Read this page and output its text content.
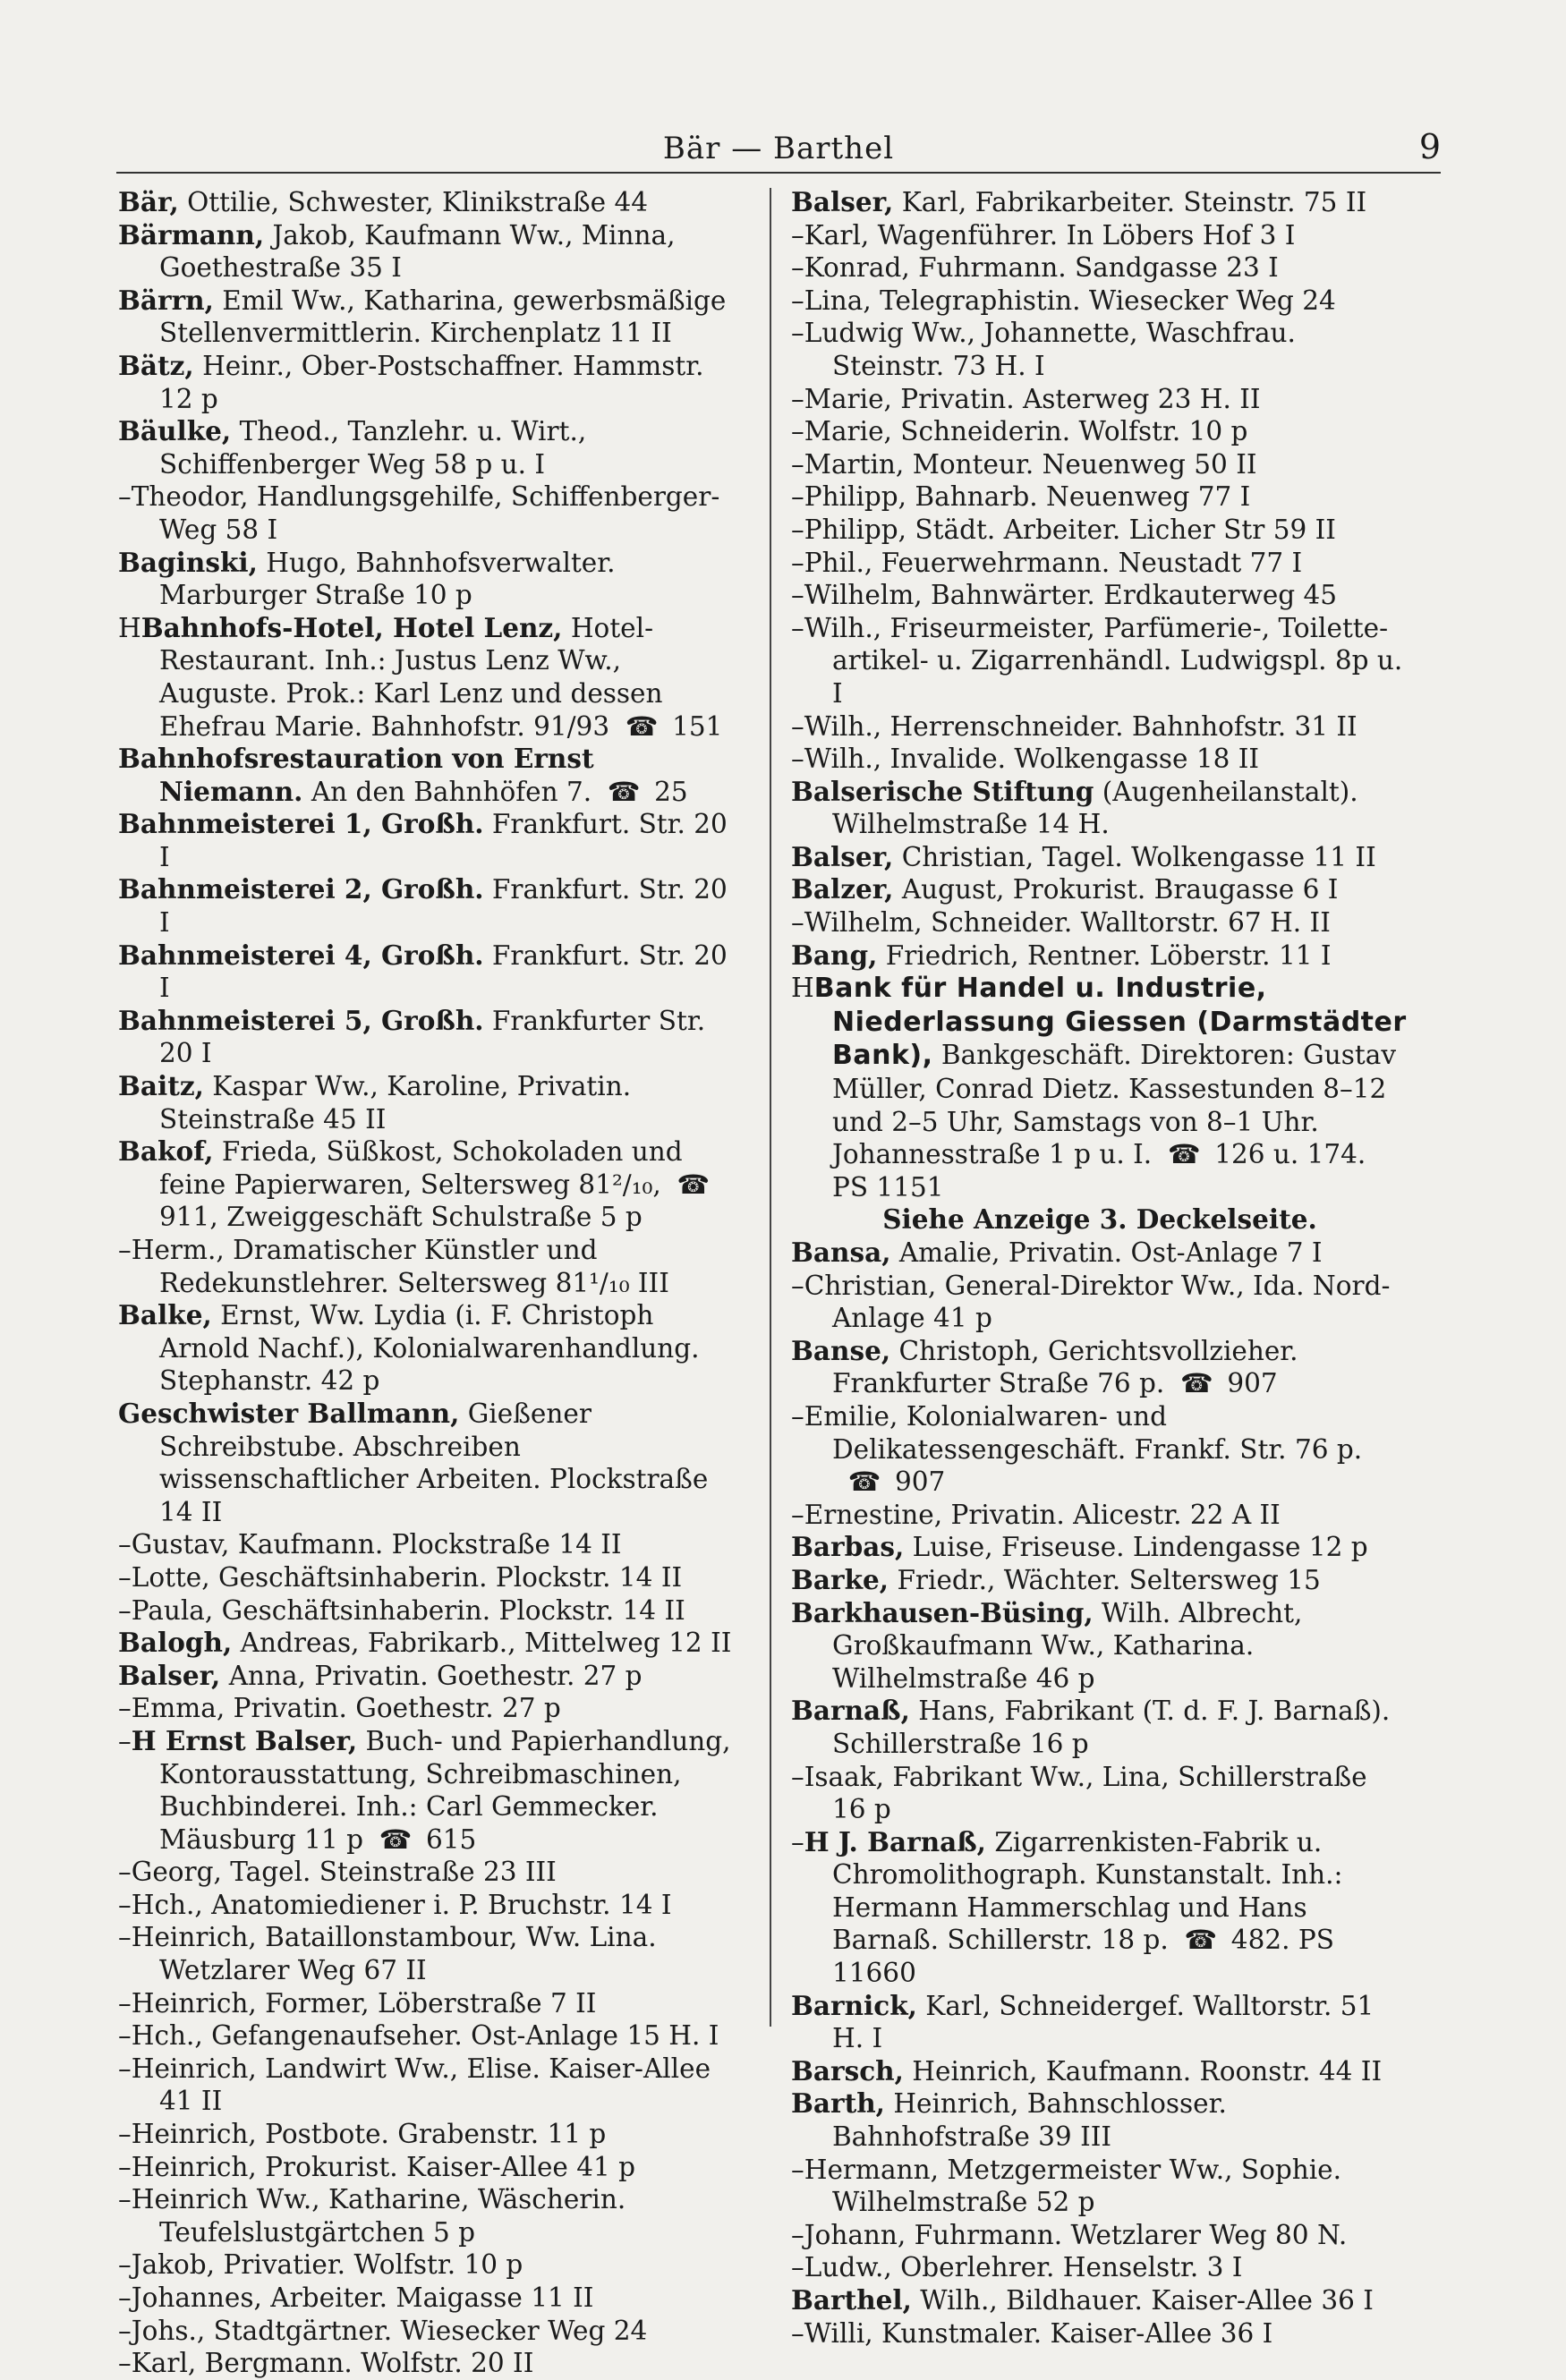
Bär — Barthel	9

Bär, Ottilie, Schwester, Klinikstraße 44

Bärmann, Jakob, Kaufmann Ww., Minna, Goethestraße 35 I

Bärrn, Emil Ww., Katharina, gewerbsmäßige Stellenvermittlerin. Kirchenplatz 11 II

Bätz, Heinr., Ober-Postschaffner. Hammstr. 12 p

Bäulke, Theod., Tanzlehr. u. Wirt., Schiffenberger Weg 58 p u. I

–Theodor, Handlungsgehilfe, Schiffenberger-Weg 58 I

Baginski, Hugo, Bahnhofsverwalter. Marburger Straße 10 p

HBahnhofs-Hotel, Hotel Lenz, Hotel-Restaurant. Inh.: Justus Lenz Ww., Auguste. Prok.: Karl Lenz und dessen Ehefrau Marie. Bahnhofstr. 91/93 ☎ 151

Bahnhofsrestauration von Ernst Niemann. An den Bahnhöfen 7. ☎ 25

Bahnmeisterei 1, Großh. Frankfurt. Str. 20 I

Bahnmeisterei 2, Großh. Frankfurt. Str. 20 I

Bahnmeisterei 4, Großh. Frankfurt. Str. 20 I

Bahnmeisterei 5, Großh. Frankfurter Str. 20 I

Baitz, Kaspar Ww., Karoline, Privatin. Steinstraße 45 II

Bakof, Frieda, Süßkost, Schokoladen und feine Papierwaren, Seltersweg 81²/₁₀, ☎911, Zweiggeschäft Schulstraße 5 p

–Herm., Dramatischer Künstler und Redekunstlehrer. Seltersweg 81¹/₁₀ III

Balke, Ernst, Ww. Lydia (i. F. Christoph Arnold Nachf.), Kolonialwarenhandlung. Stephanstr. 42 p

Geschwister Ballmann, Gießener Schreibstube. Abschreiben wissenschaftlicher Arbeiten. Plockstraße 14 II

–Gustav, Kaufmann. Plockstraße 14 II

–Lotte, Geschäftsinhaberin. Plockstr. 14 II

–Paula, Geschäftsinhaberin. Plockstr. 14 II

Balogh, Andreas, Fabrikarb., Mittelweg 12 II

Balser, Anna, Privatin. Goethestr. 27 p

–Emma, Privatin. Goethestr. 27 p

–H Ernst Balser, Buch- und Papierhandlung, Kontorausstattung, Schreibmaschinen, Buchbinderei. Inh.: Carl Gemmecker. Mäusburg 11 p ☎ 615

–Georg, Tagel. Steinstraße 23 III

–Hch., Anatomiediener i. P. Bruchstr. 14 I

–Heinrich, Bataillonstambour, Ww. Lina. Wetzlarer Weg 67 II

–Heinrich, Former, Löberstraße 7 II

–Hch., Gefangenaufseher. Ost-Anlage 15 H. I

–Heinrich, Landwirt Ww., Elise. Kaiser-Allee 41 II

–Heinrich, Postbote. Grabenstr. 11 p

–Heinrich, Prokurist. Kaiser-Allee 41 p

–Heinrich Ww., Katharine, Wäscherin. Teufelslustgärtchen 5 p

–Jakob, Privatier. Wolfstr. 10 p

–Johannes, Arbeiter. Maigasse 11 II

–Johs., Stadtgärtner. Wiesecker Weg 24

–Karl, Bergmann. Wolfstr. 20 II

Balser, Karl, Fabrikarbeiter. Steinstr. 75 II

–Karl, Wagenführer. In Löbers Hof 3 I

–Konrad, Fuhrmann. Sandgasse 23 I

–Lina, Telegraphistin. Wiesecker Weg 24

–Ludwig Ww., Johannette, Waschfrau. Steinstr. 73 H. I

–Marie, Privatin. Asterweg 23 H. II

–Marie, Schneiderin. Wolfstr. 10 p

–Martin, Monteur. Neuenweg 50 II

–Philipp, Bahnarb. Neuenweg 77 I

–Philipp, Städt. Arbeiter. Licher Str 59 II

–Phil., Feuerwehrmann. Neustadt 77 I

–Wilhelm, Bahnwärter. Erdkauterweg 45

–Wilh., Friseurmeister, Parfümerie-, Toilette-artikel- u. Zigarrenhändl. Ludwigspl. 8p u. I

–Wilh., Herrenschneider. Bahnhofstr. 31 II

–Wilh., Invalide. Wolkengasse 18 II

Balserische Stiftung (Augenheilanstalt). Wilhelmstraße 14 H.

Balser, Christian, Tagel. Wolkengasse 11 II

Balzer, August, Prokurist. Braugasse 6 I

–Wilhelm, Schneider. Walltorstr. 67 H. II

Bang, Friedrich, Rentner. Löberstr. 11 I

HBank für Handel u. Industrie, Niederlassung Giessen (Darmstädter Bank), Bankgeschäft. Direktoren: Gustav Müller, Conrad Dietz. Kassestunden 8–12 und 2–5 Uhr, Samstags von 8–1 Uhr. Johannesstraße 1 p u. I. ☎ 126 u. 174. PS 1151

Siehe Anzeige 3. Deckelseite.

Bansa, Amalie, Privatin. Ost-Anlage 7 I

–Christian, General-Direktor Ww., Ida. Nord-Anlage 41 p

Banse, Christoph, Gerichtsvollzieher. Frankfurter Straße 76 p. ☎ 907

–Emilie, Kolonialwaren- und Delikatessengeschäft. Frankf. Str. 76 p.☎ 907

–Ernestine, Privatin. Alicestr. 22 A II

Barbas, Luise, Friseuse. Lindengasse 12 p

Barke, Friedr., Wächter. Seltersweg 15

Barkhausen-Büsing, Wilh. Albrecht, Großkaufmann Ww., Katharina. Wilhelmstraße 46 p

Barnaß, Hans, Fabrikant (T. d. F. J. Barnaß). Schillerstraße 16 p

–Isaak, Fabrikant Ww., Lina, Schillerstraße 16 p

–H J. Barnaß, Zigarrenkisten-Fabrik u. Chromolithograph. Kunstanstalt. Inh.: Hermann Hammerschlag und Hans Barnaß. Schillerstr. 18 p. ☎ 482. PS 11660

Barnick, Karl, Schneidergef. Walltorstr. 51 H. I

Barsch, Heinrich, Kaufmann. Roonstr. 44 II

Barth, Heinrich, Bahnschlosser. Bahnhofstraße 39 III

–Hermann, Metzgermeister Ww., Sophie. Wilhelmstraße 52 p

–Johann, Fuhrmann. Wetzlarer Weg 80 N.

–Ludw., Oberlehrer. Henselstr. 3 I

Barthel, Wilh., Bildhauer. Kaiser-Allee 36 I

–Willi, Kunstmaler. Kaiser-Allee 36 I
